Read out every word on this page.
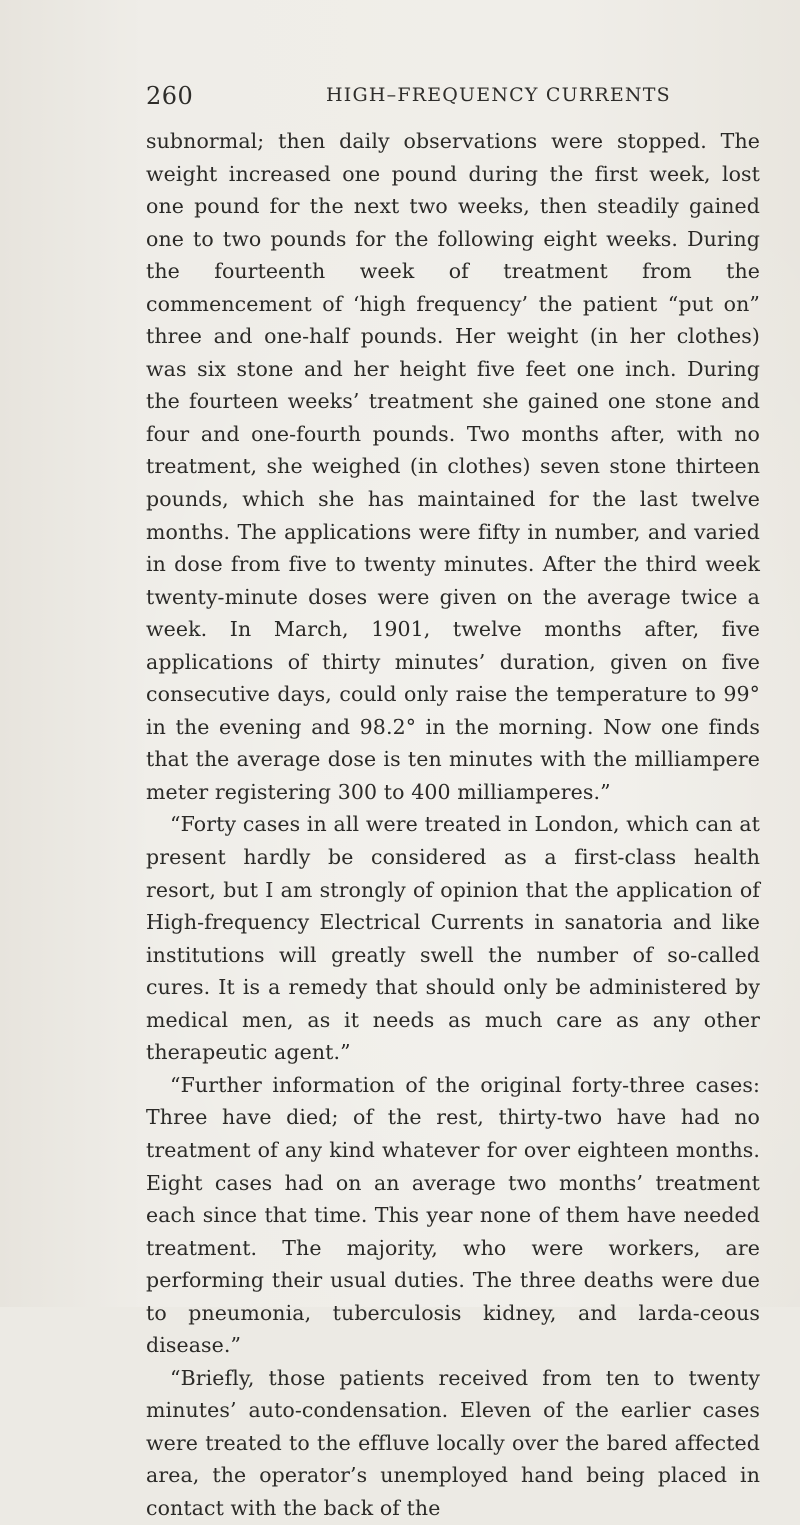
260	HIGH–FREQUENCY CURRENTS

subnormal; then daily observations were stopped. The weight increased one pound during the first week, lost one pound for the next two weeks, then steadily gained one to two pounds for the following eight weeks. During the fourteenth week of treatment from the commencement of ‘high frequency’ the patient “put on” three and one-half pounds. Her weight (in her clothes) was six stone and her height five feet one inch. During the fourteen weeks’ treatment she gained one stone and four and one-fourth pounds. Two months after, with no treatment, she weighed (in clothes) seven stone thirteen pounds, which she has maintained for the last twelve months. The applications were fifty in number, and varied in dose from five to twenty minutes. After the third week twenty-minute doses were given on the average twice a week. In March, 1901, twelve months after, five applications of thirty minutes’ duration, given on five consecutive days, could only raise the temperature to 99° in the evening and 98.2° in the morning. Now one finds that the average dose is ten minutes with the milliampere meter registering 300 to 400 milliamperes.”

“Forty cases in all were treated in London, which can at present hardly be considered as a first-class health resort, but I am strongly of opinion that the application of High-frequency Electrical Currents in sanatoria and like institutions will greatly swell the number of so-called cures. It is a remedy that should only be administered by medical men, as it needs as much care as any other therapeutic agent.”

“Further information of the original forty-three cases: Three have died; of the rest, thirty-two have had no treatment of any kind whatever for over eighteen months. Eight cases had on an average two months’ treatment each since that time. This year none of them have needed treatment. The majority, who were workers, are performing their usual duties. The three deaths were due to pneumonia, tuberculosis kidney, and larda-ceous disease.”

“Briefly, those patients received from ten to twenty minutes’ auto-condensation. Eleven of the earlier cases were treated to the effluve locally over the bared affected area, the operator’s unemployed hand being placed in contact with the back of the
